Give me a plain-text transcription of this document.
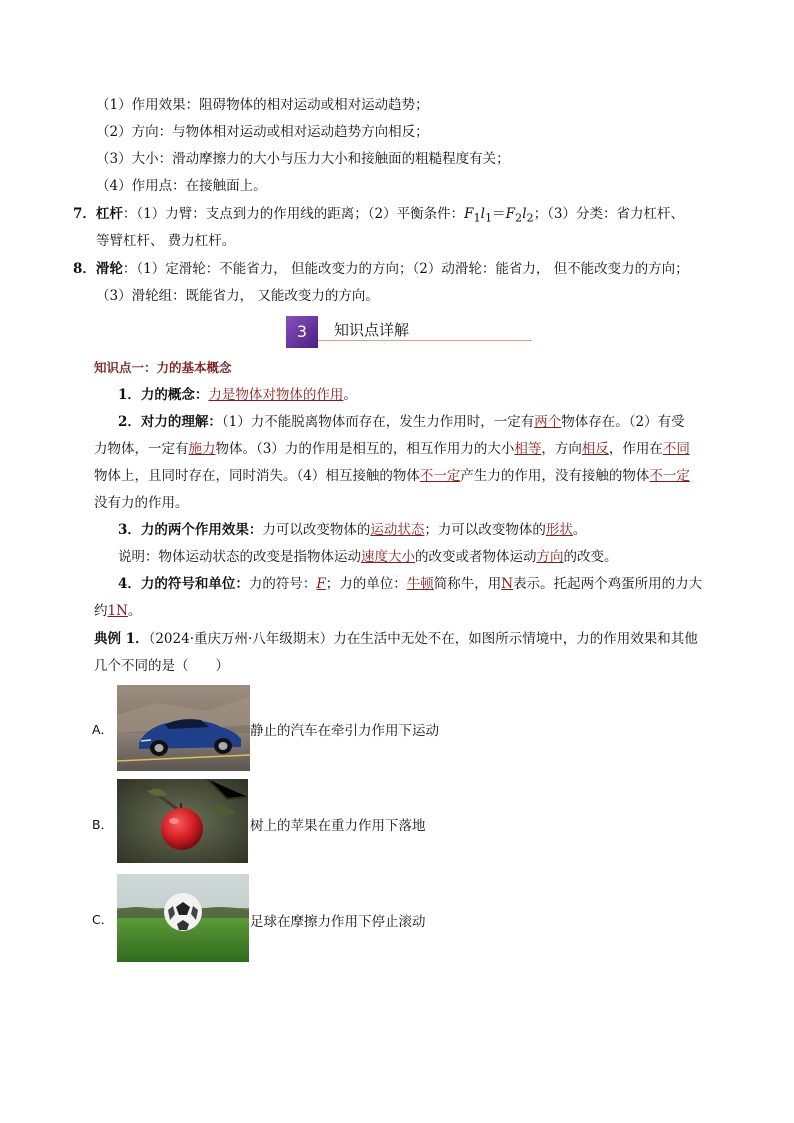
（1）作用效果：阻碍物体的相对运动或相对运动趋势；
（2）方向：与物体相对运动或相对运动趋势方向相反；
（3）大小：滑动摩擦力的大小与压力大小和接触面的粗糙程度有关；
（4）作用点：在接触面上。
7．杠杆：（1）力臂：支点到力的作用线的距离；（2）平衡条件：$F_1l_1=F_2l_2$；（3）分类：省力杠杆、
等臂杠杆、 费力杠杆。
8．滑轮：（1）定滑轮：不能省力， 但能改变力的方向；（2）动滑轮：能省力， 但不能改变力的方向；
（3）滑轮组：既能省力， 又能改变力的方向。
3	知识点详解
知识点一：力的基本概念
1．力的概念：力是物体对物体的作用。
2．对力的理解：（1）力不能脱离物体而存在，发生力作用时，一定有两个物体存在。（2）有受
力物体，一定有施力物体。（3）力的作用是相互的，相互作用力的大小相等，方向相反，作用在不同
物体上，且同时存在，同时消失。（4）相互接触的物体不一定产生力的作用，没有接触的物体不一定
没有力的作用。
3．力的两个作用效果：力可以改变物体的运动状态；力可以改变物体的形状。
说明：物体运动状态的改变是指物体运动速度大小的改变或者物体运动方向的改变。
4．力的符号和单位：力的符号：F；力的单位：牛顿简称牛，用N表示。托起两个鸡蛋所用的力大
约1N。
典例 1．（2024·重庆万州·八年级期末）力在生活中无处不在，如图所示情境中，力的作用效果和其他
几个不同的是（　　）
A．	静止的汽车在牵引力作用下运动
B．	树上的苹果在重力作用下落地
C．	足球在摩擦力作用下停止滚动
